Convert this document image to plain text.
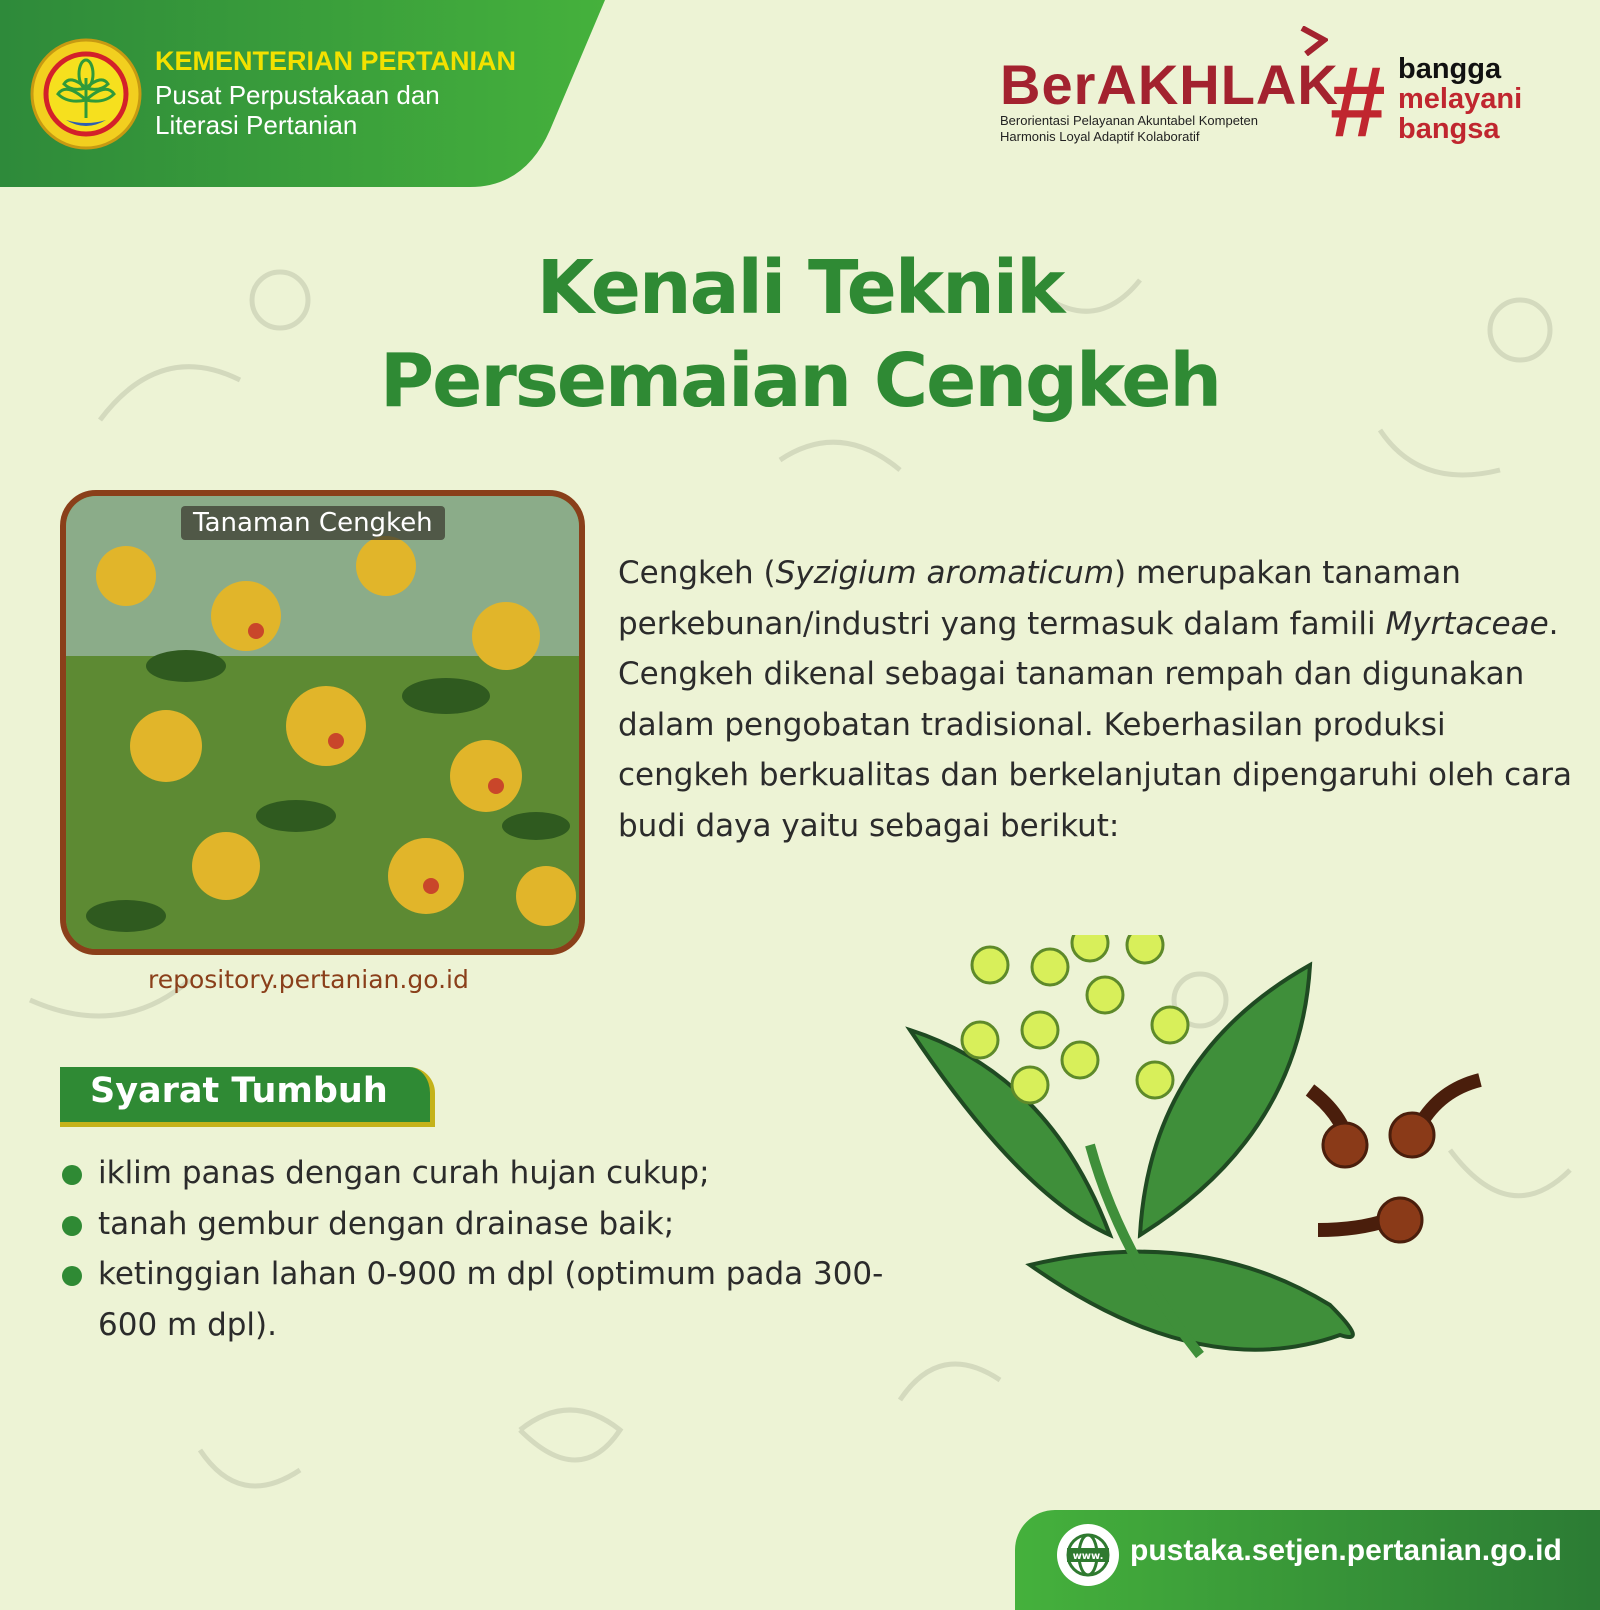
KEMENTERIAN PERTANIAN
Pusat Perpustakaan dan
Literasi Pertanian
BerAKHLAK
Berorientasi Pelayanan Akuntabel Kompeten
Harmonis Loyal Adaptif Kolaboratif	# bangga
melayani
bangsa
Kenali Teknik
Persemaian Cengkeh
Tanaman Cengkeh
repository.pertanian.go.id
Cengkeh (Syzigium aromaticum) merupakan tanaman perkebunan/industri yang termasuk dalam famili Myrtaceae. Cengkeh dikenal sebagai tanaman rempah dan digunakan dalam pengobatan tradisional. Keberhasilan produksi cengkeh berkualitas dan berkelanjutan dipengaruhi oleh cara budi daya yaitu sebagai berikut:
Syarat Tumbuh
iklim panas dengan curah hujan cukup;
tanah gembur dengan drainase baik;
ketinggian lahan 0-900 m dpl (optimum pada 300-600 m dpl).
www. pustaka.setjen.pertanian.go.id
